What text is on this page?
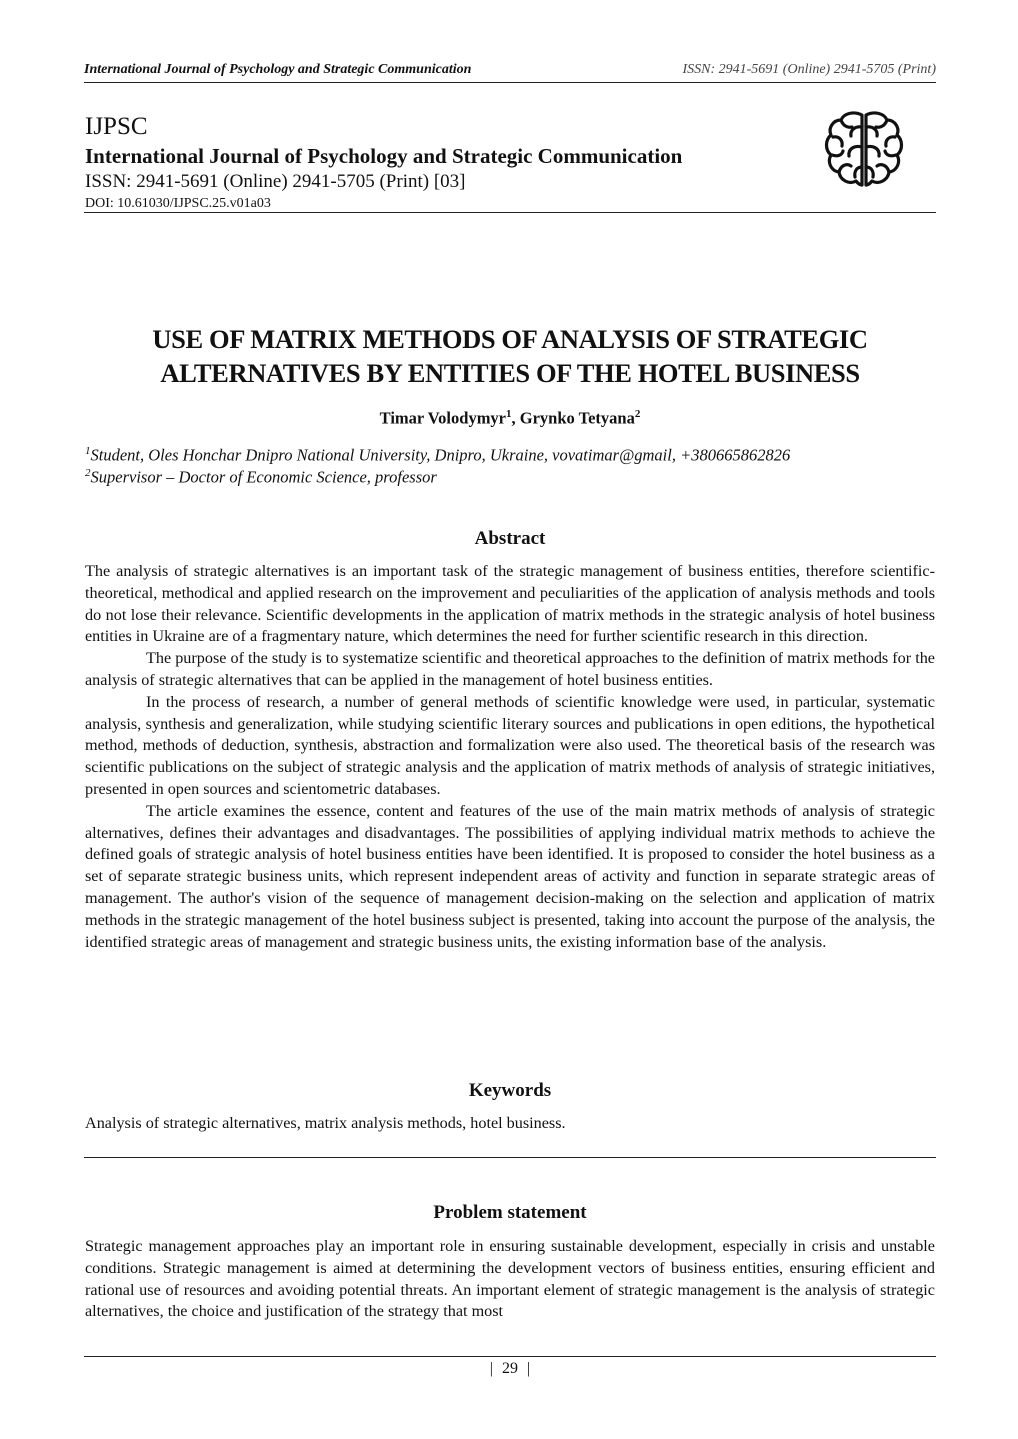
International Journal of Psychology and Strategic Communication	ISSN: 2941-5691 (Online) 2941-5705 (Print)
IJPSC
International Journal of Psychology and Strategic Communication
ISSN: 2941-5691 (Online) 2941-5705 (Print) [03]
DOI: 10.61030/IJPSC.25.v01a03
USE OF MATRIX METHODS OF ANALYSIS OF STRATEGIC
ALTERNATIVES BY ENTITIES OF THE HOTEL BUSINESS
Timar Volodymyr$^1$, Grynko Tetyana$^2$
$^1$Student, Oles Honchar Dnipro National University, Dnipro, Ukraine, vovatimar@gmail, +380665862826
$^2$Supervisor – Doctor of Economic Science, professor
Abstract

The analysis of strategic alternatives is an important task of the strategic management of business entities, therefore scientific-theoretical, methodical and applied research on the improvement and peculiarities of the application of analysis methods and tools do not lose their relevance. Scientific developments in the application of matrix methods in the strategic analysis of hotel business entities in Ukraine are of a fragmentary nature, which determines the need for further scientific research in this direction.

The purpose of the study is to systematize scientific and theoretical approaches to the definition of matrix methods for the analysis of strategic alternatives that can be applied in the management of hotel business entities.

In the process of research, a number of general methods of scientific knowledge were used, in particular, systematic analysis, synthesis and generalization, while studying scientific literary sources and publications in open editions, the hypothetical method, methods of deduction, synthesis, abstraction and formalization were also used. The theoretical basis of the research was scientific publications on the subject of strategic analysis and the application of matrix methods of analysis of strategic initiatives, presented in open sources and scientometric databases.

The article examines the essence, content and features of the use of the main matrix methods of analysis of strategic alternatives, defines their advantages and disadvantages. The possibilities of applying individual matrix methods to achieve the defined goals of strategic analysis of hotel business entities have been identified. It is proposed to consider the hotel business as a set of separate strategic business units, which represent independent areas of activity and function in separate strategic areas of management. The author's vision of the sequence of management decision-making on the selection and application of matrix methods in the strategic management of the hotel business subject is presented, taking into account the purpose of the analysis, the identified strategic areas of management and strategic business units, the existing information base of the analysis.

Keywords

Analysis of strategic alternatives, matrix analysis methods, hotel business.

Problem statement

Strategic management approaches play an important role in ensuring sustainable development, especially in crisis and unstable conditions. Strategic management is aimed at determining the development vectors of business entities, ensuring efficient and rational use of resources and avoiding potential threats. An important element of strategic management is the analysis of strategic alternatives, the choice and justification of the strategy that most

| 29 |
